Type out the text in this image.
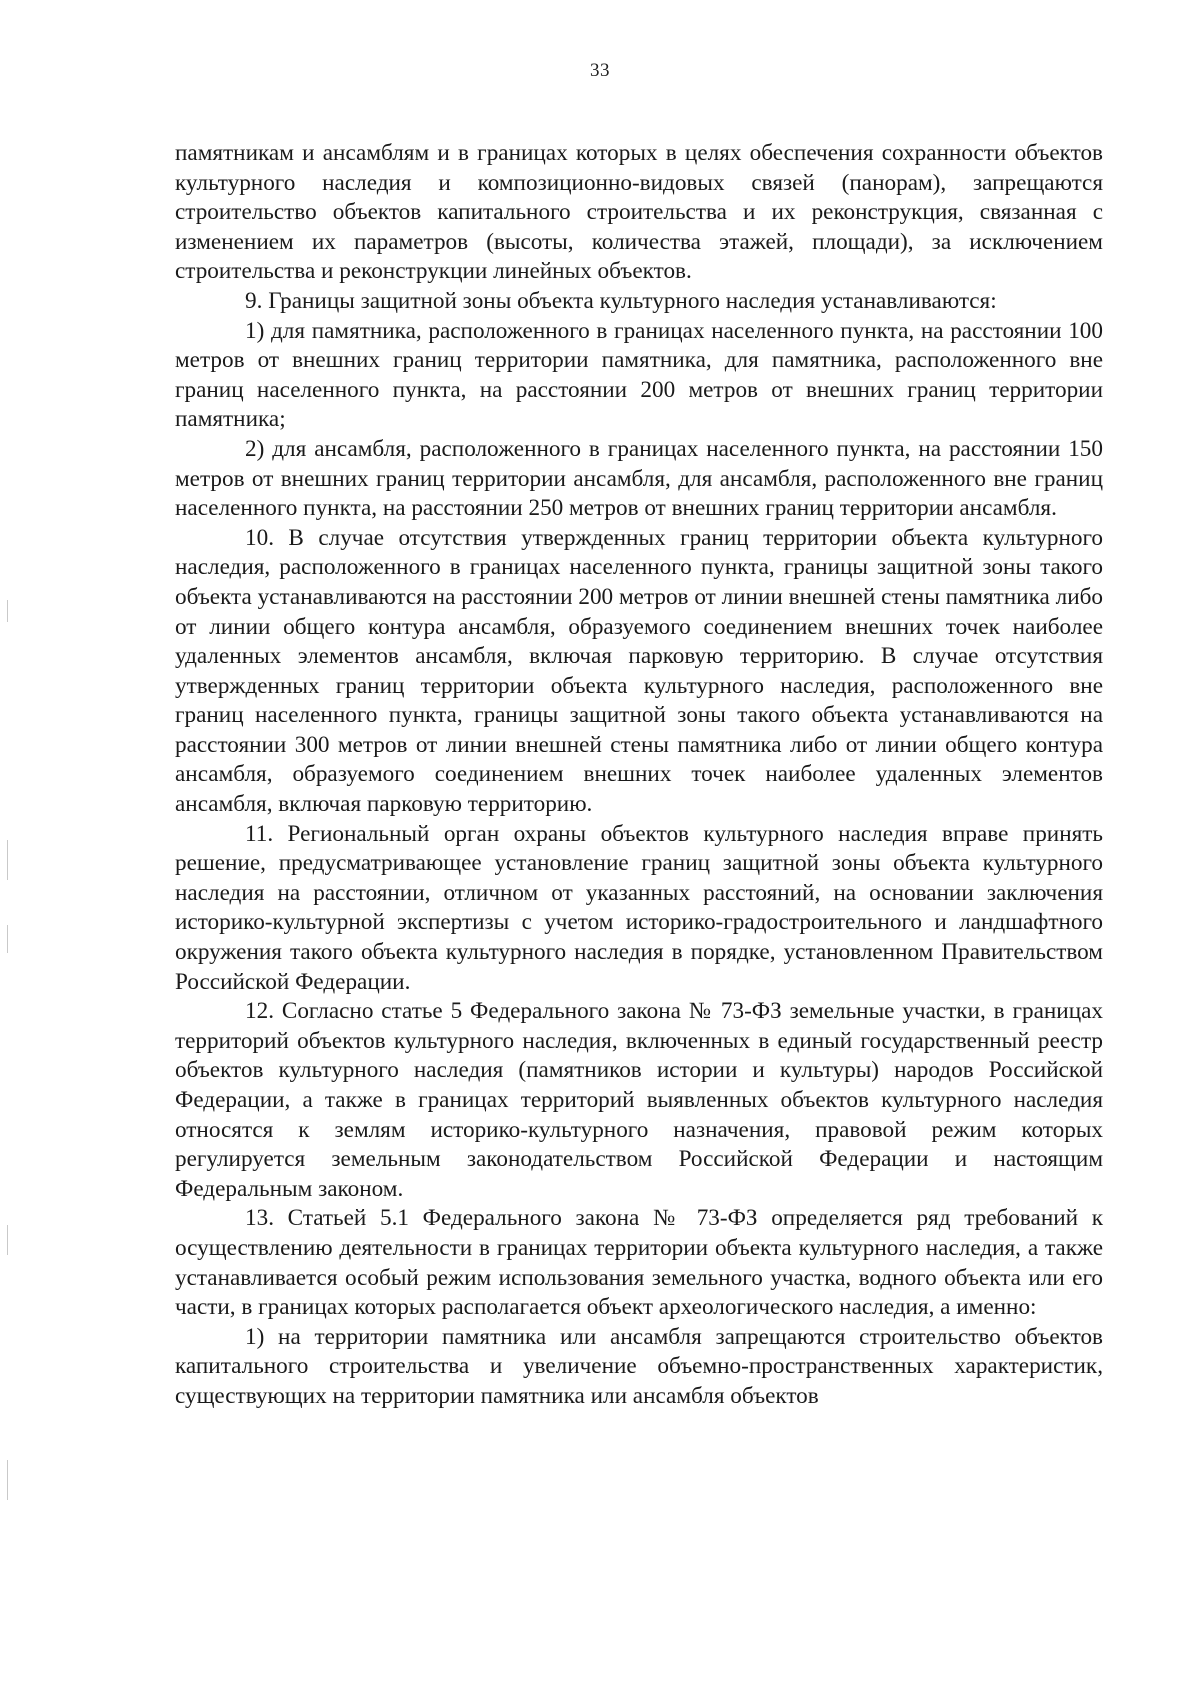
33

памятникам и ансамблям и в границах которых в целях обеспечения сохранности объектов культурного наследия и композиционно-видовых связей (панорам), запрещаются строительство объектов капитального строительства и их реконструкция, связанная с изменением их параметров (высоты, количества этажей, площади), за исключением строительства и реконструкции линейных объектов.

9. Границы защитной зоны объекта культурного наследия устанавливаются:

1) для памятника, расположенного в границах населенного пункта, на расстоянии 100 метров от внешних границ территории памятника, для памятника, расположенного вне границ населенного пункта, на расстоянии 200 метров от внешних границ территории памятника;

2) для ансамбля, расположенного в границах населенного пункта, на расстоянии 150 метров от внешних границ территории ансамбля, для ансамбля, расположенного вне границ населенного пункта, на расстоянии 250 метров от внешних границ территории ансамбля.

10. В случае отсутствия утвержденных границ территории объекта культурного наследия, расположенного в границах населенного пункта, границы защитной зоны такого объекта устанавливаются на расстоянии 200 метров от линии внешней стены памятника либо от линии общего контура ансамбля, образуемого соединением внешних точек наиболее удаленных элементов ансамбля, включая парковую территорию. В случае отсутствия утвержденных границ территории объекта культурного наследия, расположенного вне границ населенного пункта, границы защитной зоны такого объекта устанавливаются на расстоянии 300 метров от линии внешней стены памятника либо от линии общего контура ансамбля, образуемого соединением внешних точек наиболее удаленных элементов ансамбля, включая парковую территорию.

11. Региональный орган охраны объектов культурного наследия вправе принять решение, предусматривающее установление границ защитной зоны объекта культурного наследия на расстоянии, отличном от указанных расстояний, на основании заключения историко-культурной экспертизы с учетом историко-градостроительного и ландшафтного окружения такого объекта культурного наследия в порядке, установленном Правительством Российской Федерации.

12. Согласно статье 5 Федерального закона № 73-ФЗ земельные участки, в границах территорий объектов культурного наследия, включенных в единый государственный реестр объектов культурного наследия (памятников истории и культуры) народов Российской Федерации, а также в границах территорий выявленных объектов культурного наследия относятся к землям историко-культурного назначения, правовой режим которых регулируется земельным законодательством Российской Федерации и настоящим Федеральным законом.

13. Статьей 5.1 Федерального закона № 73-ФЗ определяется ряд требований к осуществлению деятельности в границах территории объекта культурного наследия, а также устанавливается особый режим использования земельного участка, водного объекта или его части, в границах которых располагается объект археологического наследия, а именно:

1) на территории памятника или ансамбля запрещаются строительство объектов капитального строительства и увеличение объемно-пространственных характеристик, существующих на территории памятника или ансамбля объектов
